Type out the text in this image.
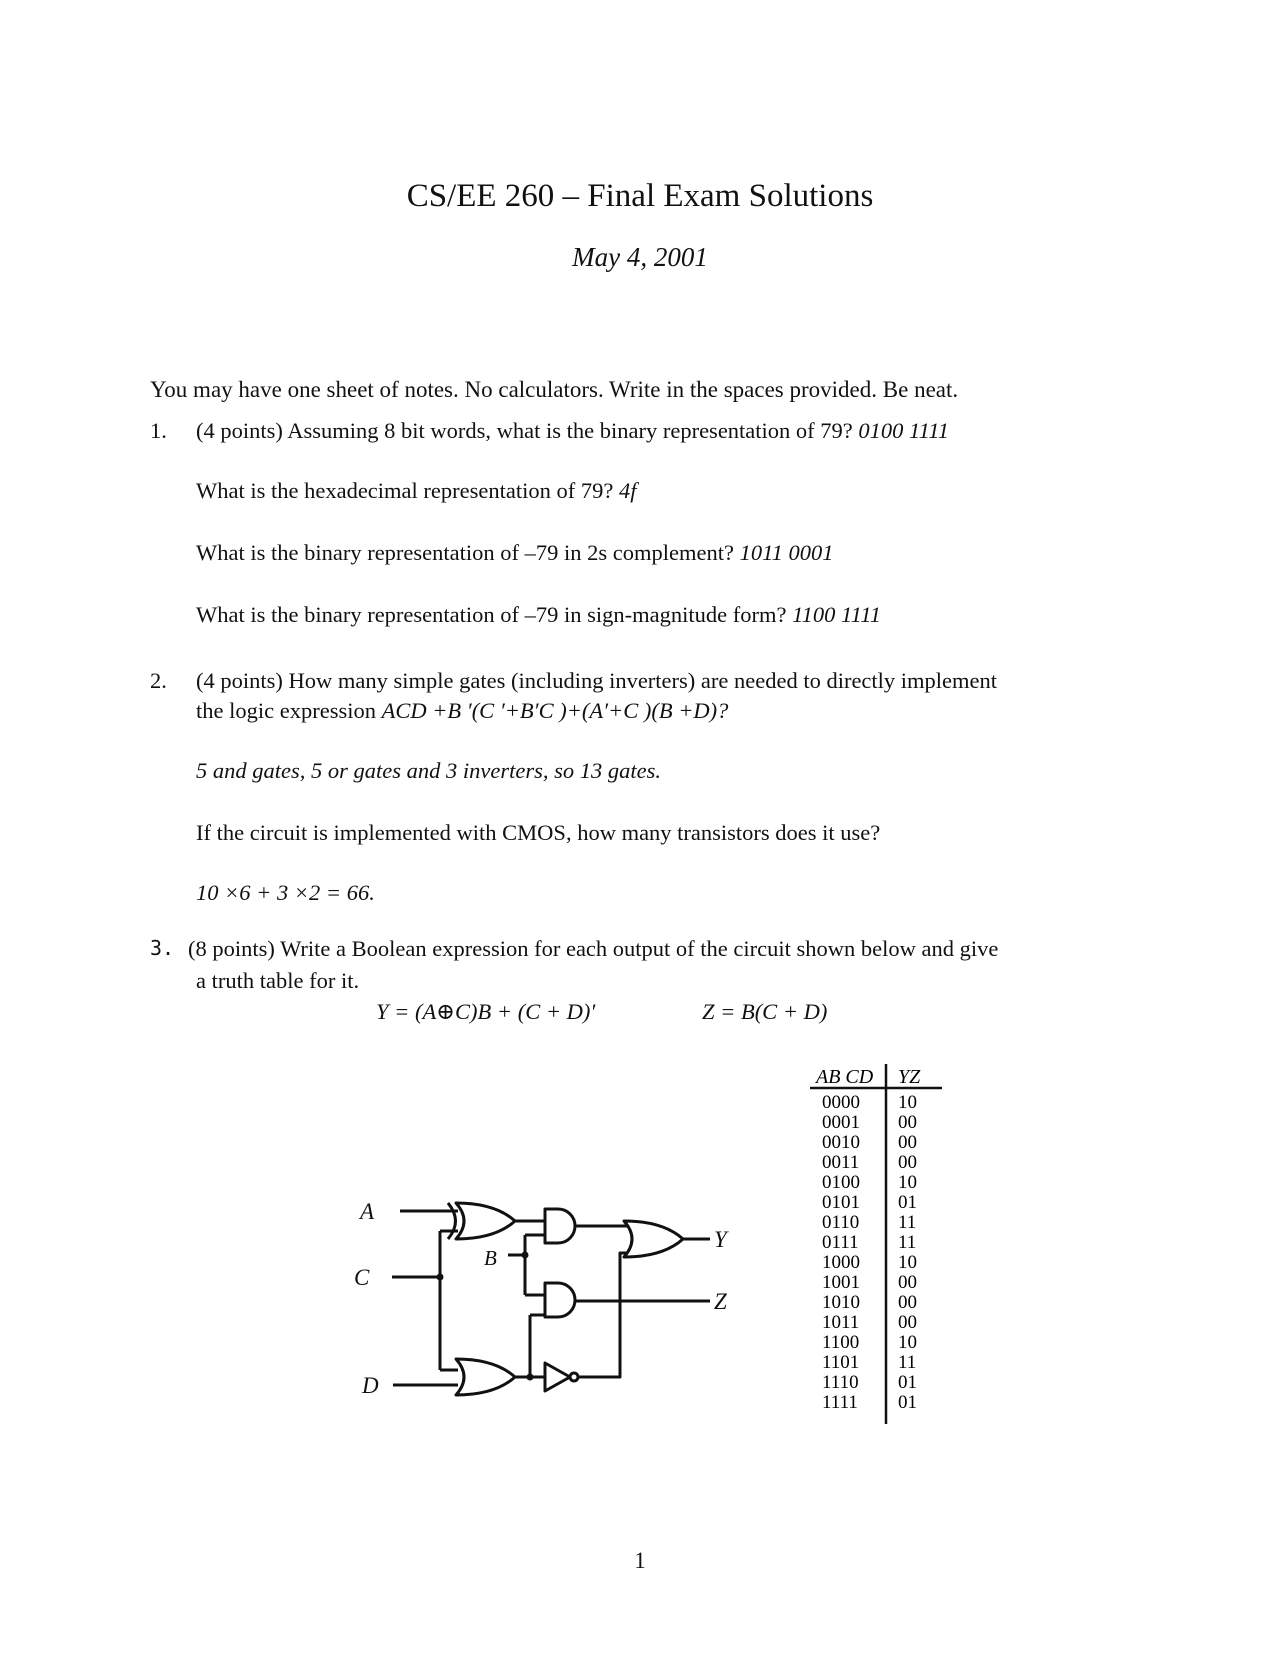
CS/EE 260 – Final Exam Solutions
May 4, 2001
You may have one sheet of notes. No calculators. Write in the spaces provided. Be neat.
1. (4 points) Assuming 8 bit words, what is the binary representation of 79? 0100 1111
What is the hexadecimal representation of 79? 4f
What is the binary representation of –79 in 2s complement? 1011 0001
What is the binary representation of –79 in sign-magnitude form? 1100 1111
2. (4 points) How many simple gates (including inverters) are needed to directly implement
the logic expression ACD +B ′(C ′+B′C )+(A′+C )(B +D)?
5 and gates, 5 or gates and 3 inverters, so 13 gates.
If the circuit is implemented with CMOS, how many transistors does it use?
10 ×6 + 3 ×2 = 66.
3. (8 points) Write a Boolean expression for each output of the circuit shown below and give
a truth table for it.
Y = (A⊕C)B + (C + D)′	Z = B(C + D)
A
C
D
B
Y
Z
AB CD YZ
0000 10
0001 00
0010 00
0011 00
0100 10
0101 01
0110 11
0111 11
1000 10
1001 00
1010 00
1011 00
1100 10
1101 11
1110 01
1111 01
1
